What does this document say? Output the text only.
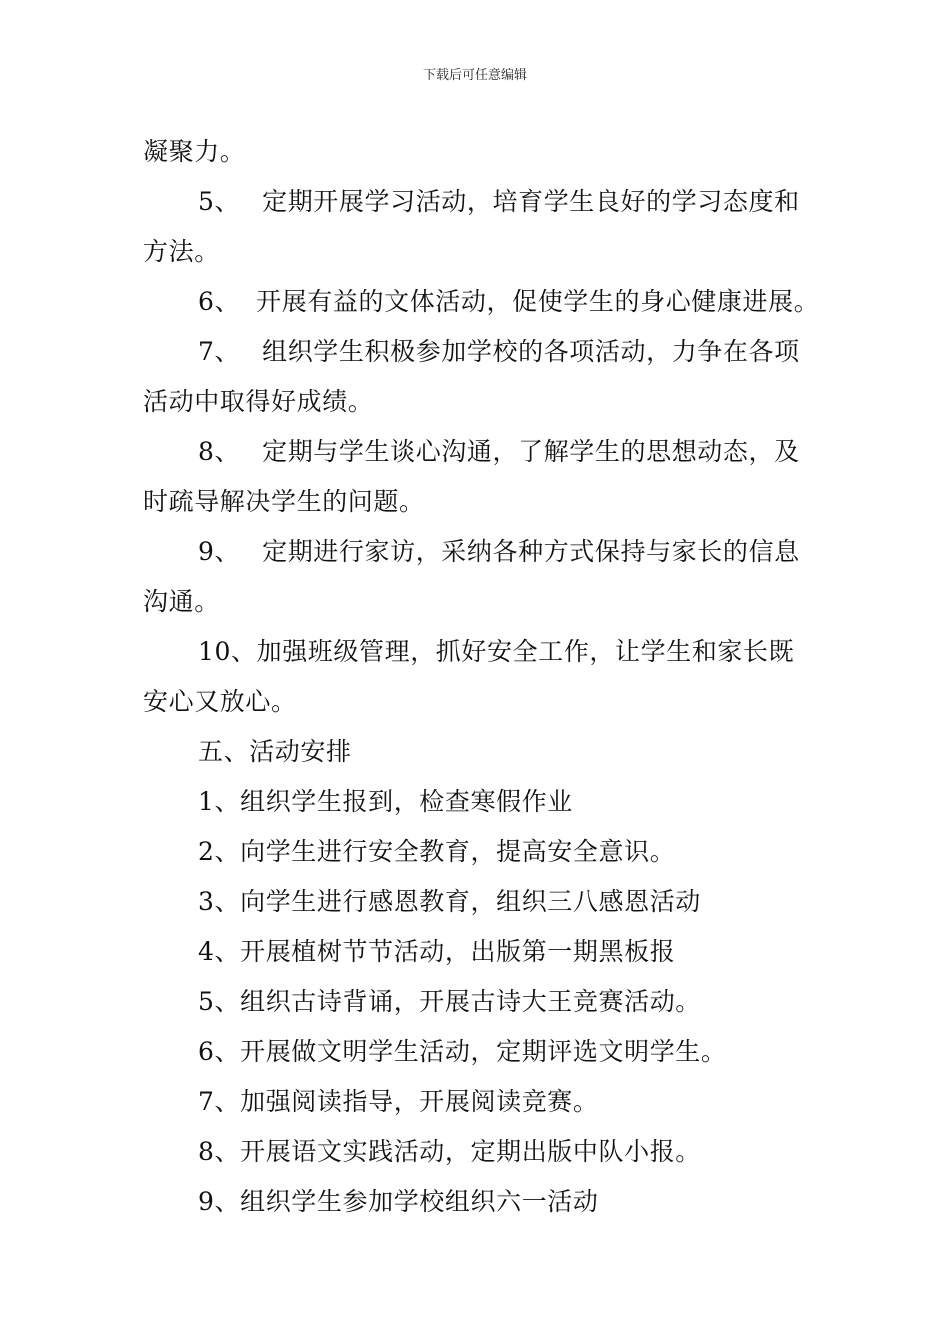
下载后可任意编辑
凝聚力。
5、 定期开展学习活动，培育学生良好的学习态度和
方法。
6、 开展有益的文体活动，促使学生的身心健康进展。
7、 组织学生积极参加学校的各项活动，力争在各项
活动中取得好成绩。
8、 定期与学生谈心沟通，了解学生的思想动态，及
时疏导解决学生的问题。
9、 定期进行家访，采纳各种方式保持与家长的信息
沟通。
10、加强班级管理，抓好安全工作，让学生和家长既
安心又放心。
五、活动安排
1、组织学生报到，检查寒假作业
2、向学生进行安全教育，提高安全意识。
3、向学生进行感恩教育，组织三八感恩活动
4、开展植树节节活动，出版第一期黑板报
5、组织古诗背诵，开展古诗大王竞赛活动。
6、开展做文明学生活动，定期评选文明学生。
7、加强阅读指导，开展阅读竞赛。
8、开展语文实践活动，定期出版中队小报。
9、组织学生参加学校组织六一活动
